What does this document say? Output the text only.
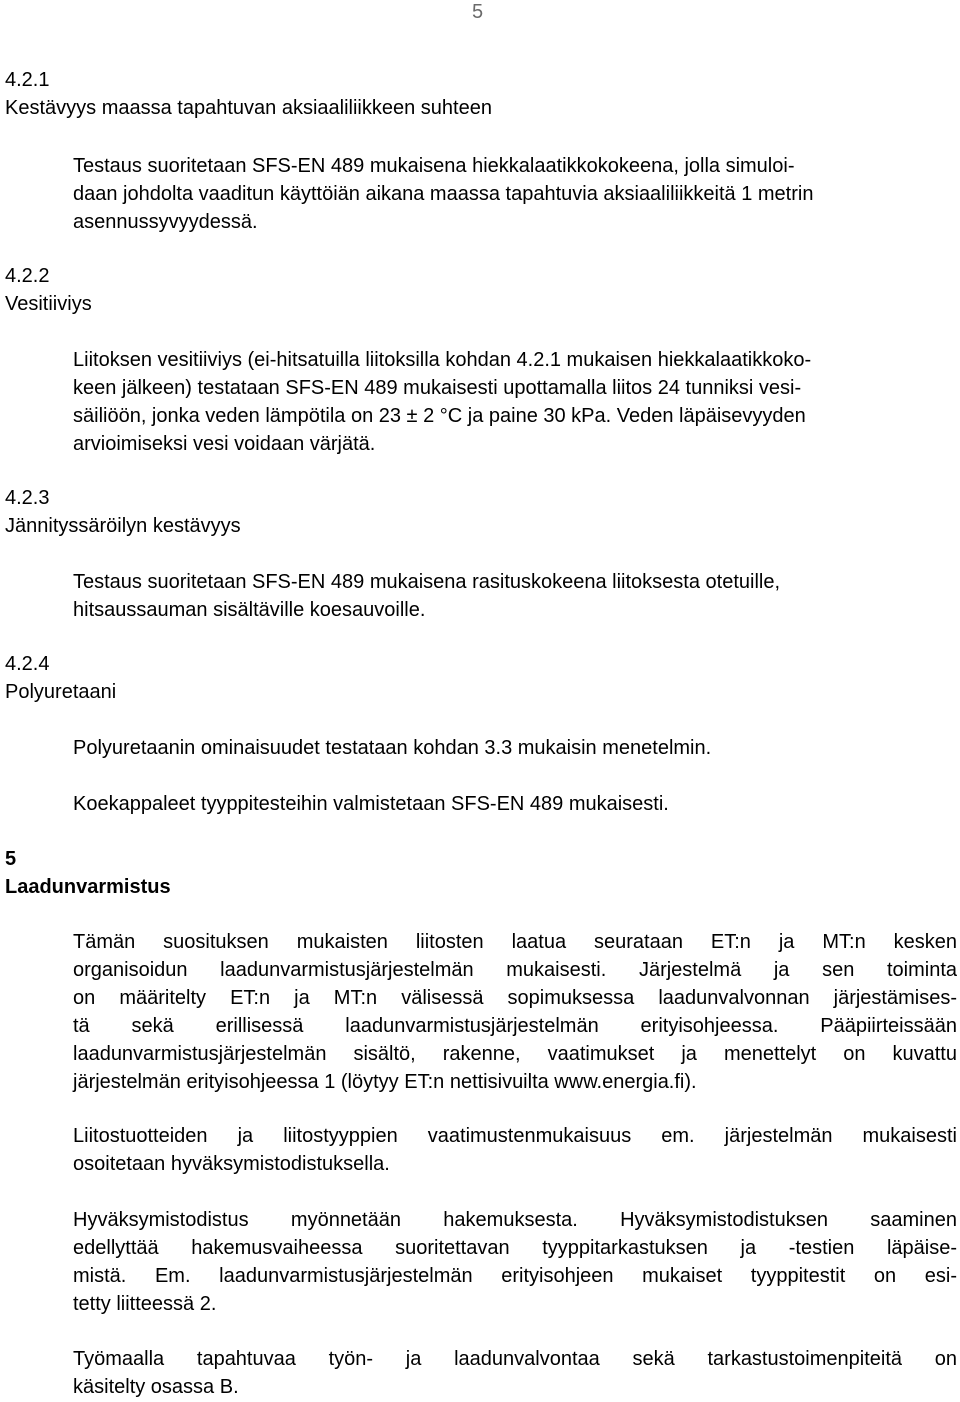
5
4.2.1
Kestävyys maassa tapahtuvan aksiaaliliikkeen suhteen

Testaus suoritetaan SFS-EN 489 mukaisena hiekkalaatikkokokeena, jolla simuloi-
daan johdolta vaaditun käyttöiän aikana maassa tapahtuvia aksiaaliliikkeitä 1 metrin
asennussyvyydessä.

4.2.2
Vesitiiviys

Liitoksen vesitiiviys (ei-hitsatuilla liitoksilla kohdan 4.2.1 mukaisen hiekkalaatikkoko-
keen jälkeen) testataan SFS-EN 489 mukaisesti upottamalla liitos 24 tunniksi vesi-
säiliöön, jonka veden lämpötila on 23 ± 2 °C ja paine 30 kPa. Veden läpäisevyyden
arvioimiseksi vesi voidaan värjätä.

4.2.3
Jännityssäröilyn kestävyys

Testaus suoritetaan SFS-EN 489 mukaisena rasituskokeena liitoksesta otetuille,
hitsaussauman sisältäville koesauvoille.

4.2.4
Polyuretaani

Polyuretaanin ominaisuudet testataan kohdan 3.3 mukaisin menetelmin.

Koekappaleet tyyppitesteihin valmistetaan SFS-EN 489 mukaisesti.

5
Laadunvarmistus

Tämän suosituksen mukaisten liitosten laatua seurataan ET:n ja MT:n kesken
organisoidun laadunvarmistusjärjestelmän mukaisesti. Järjestelmä ja sen toiminta
on määritelty ET:n ja MT:n välisessä sopimuksessa laadunvalvonnan järjestämises-
tä sekä erillisessä laadunvarmistusjärjestelmän erityisohjeessa. Pääpiirteissään
laadunvarmistusjärjestelmän sisältö, rakenne, vaatimukset ja menettelyt on kuvattu
järjestelmän erityisohjeessa 1 (löytyy ET:n nettisivuilta www.energia.fi).

Liitostuotteiden ja liitostyyppien vaatimustenmukaisuus em. järjestelmän mukaisesti
osoitetaan hyväksymistodistuksella.

Hyväksymistodistus myönnetään hakemuksesta. Hyväksymistodistuksen saaminen
edellyttää hakemusvaiheessa suoritettavan tyyppitarkastuksen ja -testien läpäise-
mistä. Em. laadunvarmistusjärjestelmän erityisohjeen mukaiset tyyppitestit on esi-
tetty liitteessä 2.

Työmaalla tapahtuvaa työn- ja laadunvalvontaa sekä tarkastustoimenpiteitä on
käsitelty osassa B.
